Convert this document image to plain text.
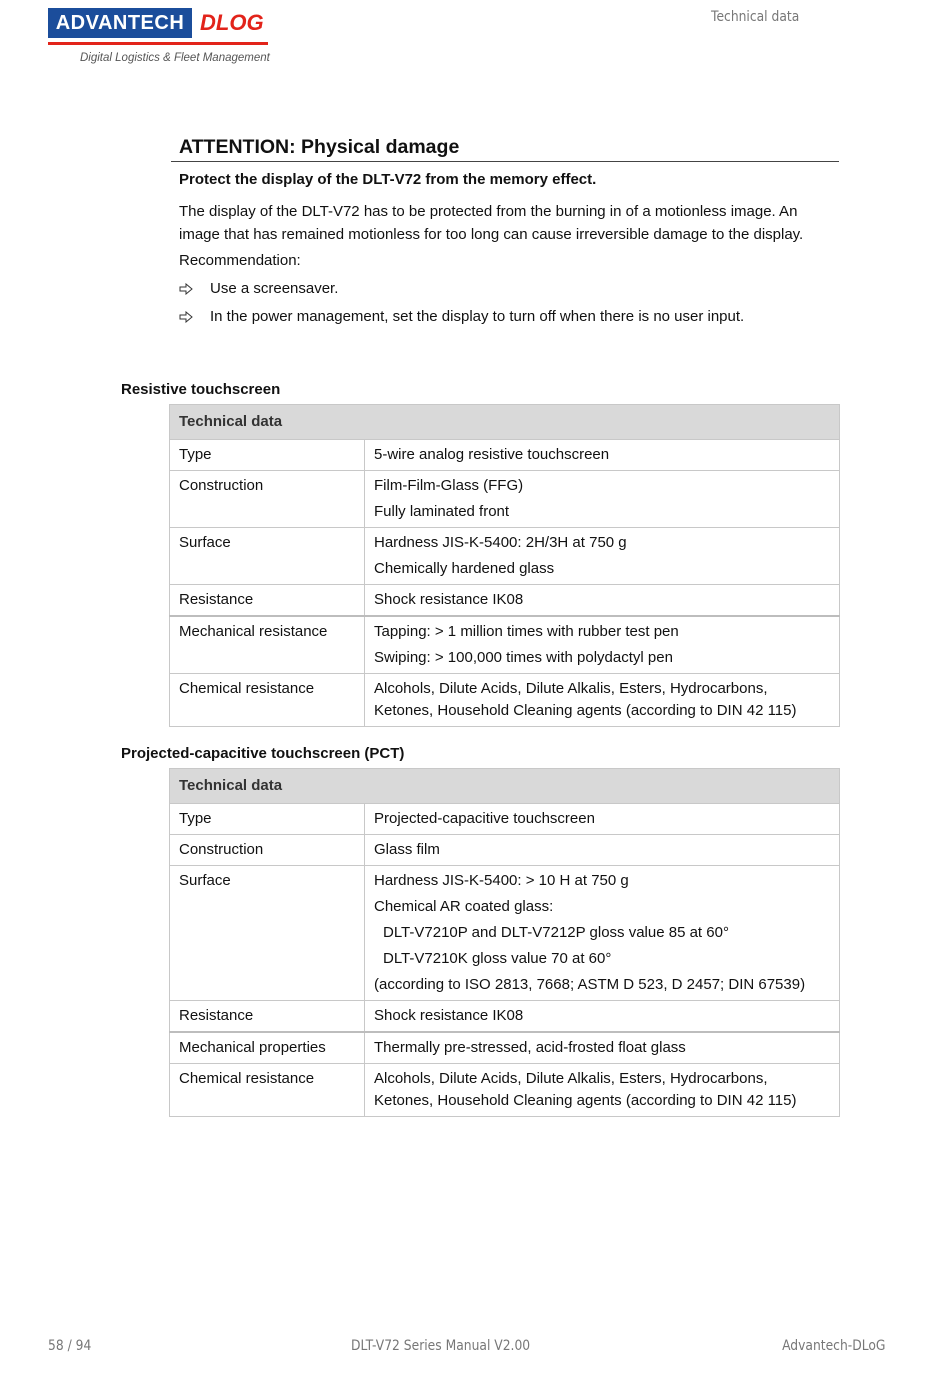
ADVANTECH DLOG
Digital Logistics & Fleet Management
Technical data
ATTENTION: Physical damage
Protect the display of the DLT-V72 from the memory effect.
The display of the DLT-V72 has to be protected from the burning in of a motionless image. An image that has remained motionless for too long can cause irreversible damage to the display.
Recommendation:
Use a screensaver.
In the power management, set the display to turn off when there is no user input.
Resistive touchscreen
Technical data	
Type	5-wire analog resistive touchscreen

Construction	Film-Film-Glass (FFG)
Fully laminated front

Surface	Hardness JIS-K-5400: 2H/3H at 750 g
Chemically hardened glass

Resistance	Shock resistance IK08

Mechanical resistance	Tapping: > 1 million times with rubber test pen
Swiping: > 100,000 times with polydactyl pen

Chemical resistance	Alcohols, Dilute Acids, Dilute Alkalis, Esters, Hydrocarbons, Ketones, Household Cleaning agents (according to DIN 42 115)
Projected-capacitive touchscreen (PCT)
Technical data	
Type	Projected-capacitive touchscreen

Construction	Glass film

Surface	Hardness JIS-K-5400: > 10 H at 750 g
Chemical AR coated glass:
DLT-V7210P and DLT-V7212P gloss value 85 at 60°
DLT-V7210K gloss value 70 at 60°
(according to ISO 2813, 7668; ASTM D 523, D 2457; DIN 67539)

Resistance	Shock resistance IK08

Mechanical properties	Thermally pre-stressed, acid-frosted float glass

Chemical resistance	Alcohols, Dilute Acids, Dilute Alkalis, Esters, Hydrocarbons, Ketones, Household Cleaning agents (according to DIN 42 115)
58 / 94	DLT-V72 Series Manual V2.00	Advantech-DLoG
